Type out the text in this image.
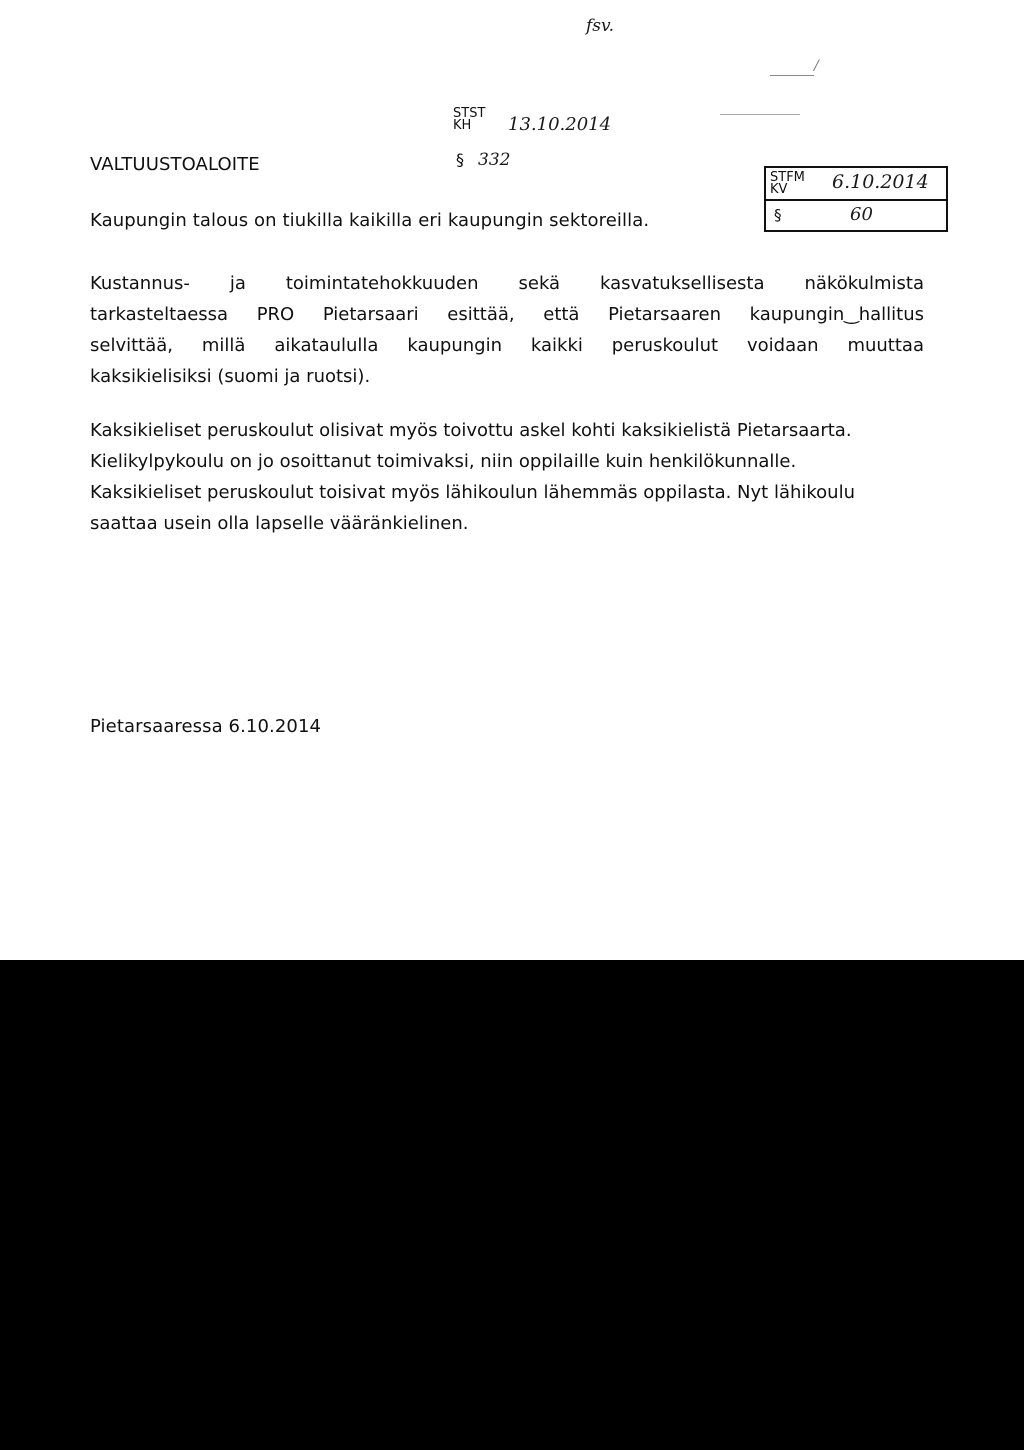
fsv.
/
STST
KH	13.10.2014
§ 332
VALTUUSTOALOITE
STFM
KV	6.10.2014
§	60
Kaupungin talous on tiukilla kaikilla eri kaupungin sektoreilla.
Kustannus- ja toimintatehokkuuden sekä kasvatuksellisesta näkökulmista
tarkasteltaessa PRO Pietarsaari esittää, että Pietarsaaren kaupungin‿hallitus
selvittää, millä aikataululla kaupungin kaikki peruskoulut voidaan muuttaa
kaksikielisiksi (suomi ja ruotsi).
Kaksikieliset peruskoulut olisivat myös toivottu askel kohti kaksikielistä Pietarsaarta.
Kielikylpykoulu on jo osoittanut toimivaksi, niin oppilaille kuin henkilökunnalle.
Kaksikieliset peruskoulut toisivat myös lähikoulun lähemmäs oppilasta. Nyt lähikoulu
saattaa usein olla lapselle vääränkielinen.
Pietarsaaressa 6.10.2014
